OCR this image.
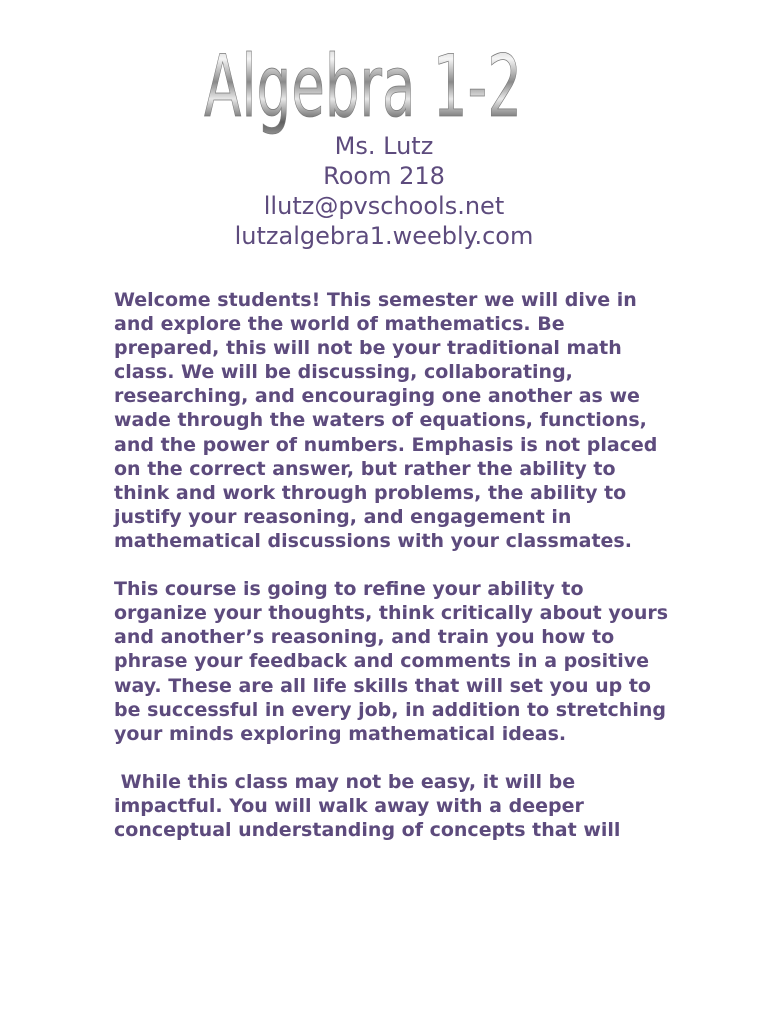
Algebra 1-2
Ms. Lutz
Room 218
llutz@pvschools.net
lutzalgebra1.weebly.com

Welcome students! This semester we will dive in and explore the world of mathematics. Be prepared, this will not be your traditional math class. We will be discussing, collaborating, researching, and encouraging one another as we wade through the waters of equations, functions, and the power of numbers. Emphasis is not placed on the correct answer, but rather the ability to think and work through problems, the ability to justify your reasoning, and engagement in mathematical discussions with your classmates.

This course is going to refine your ability to organize your thoughts, think critically about yours and another’s reasoning, and train you how to phrase your feedback and comments in a positive way. These are all life skills that will set you up to be successful in every job, in addition to stretching your minds exploring mathematical ideas.

While this class may not be easy, it will be impactful. You will walk away with a deeper conceptual understanding of concepts that will
